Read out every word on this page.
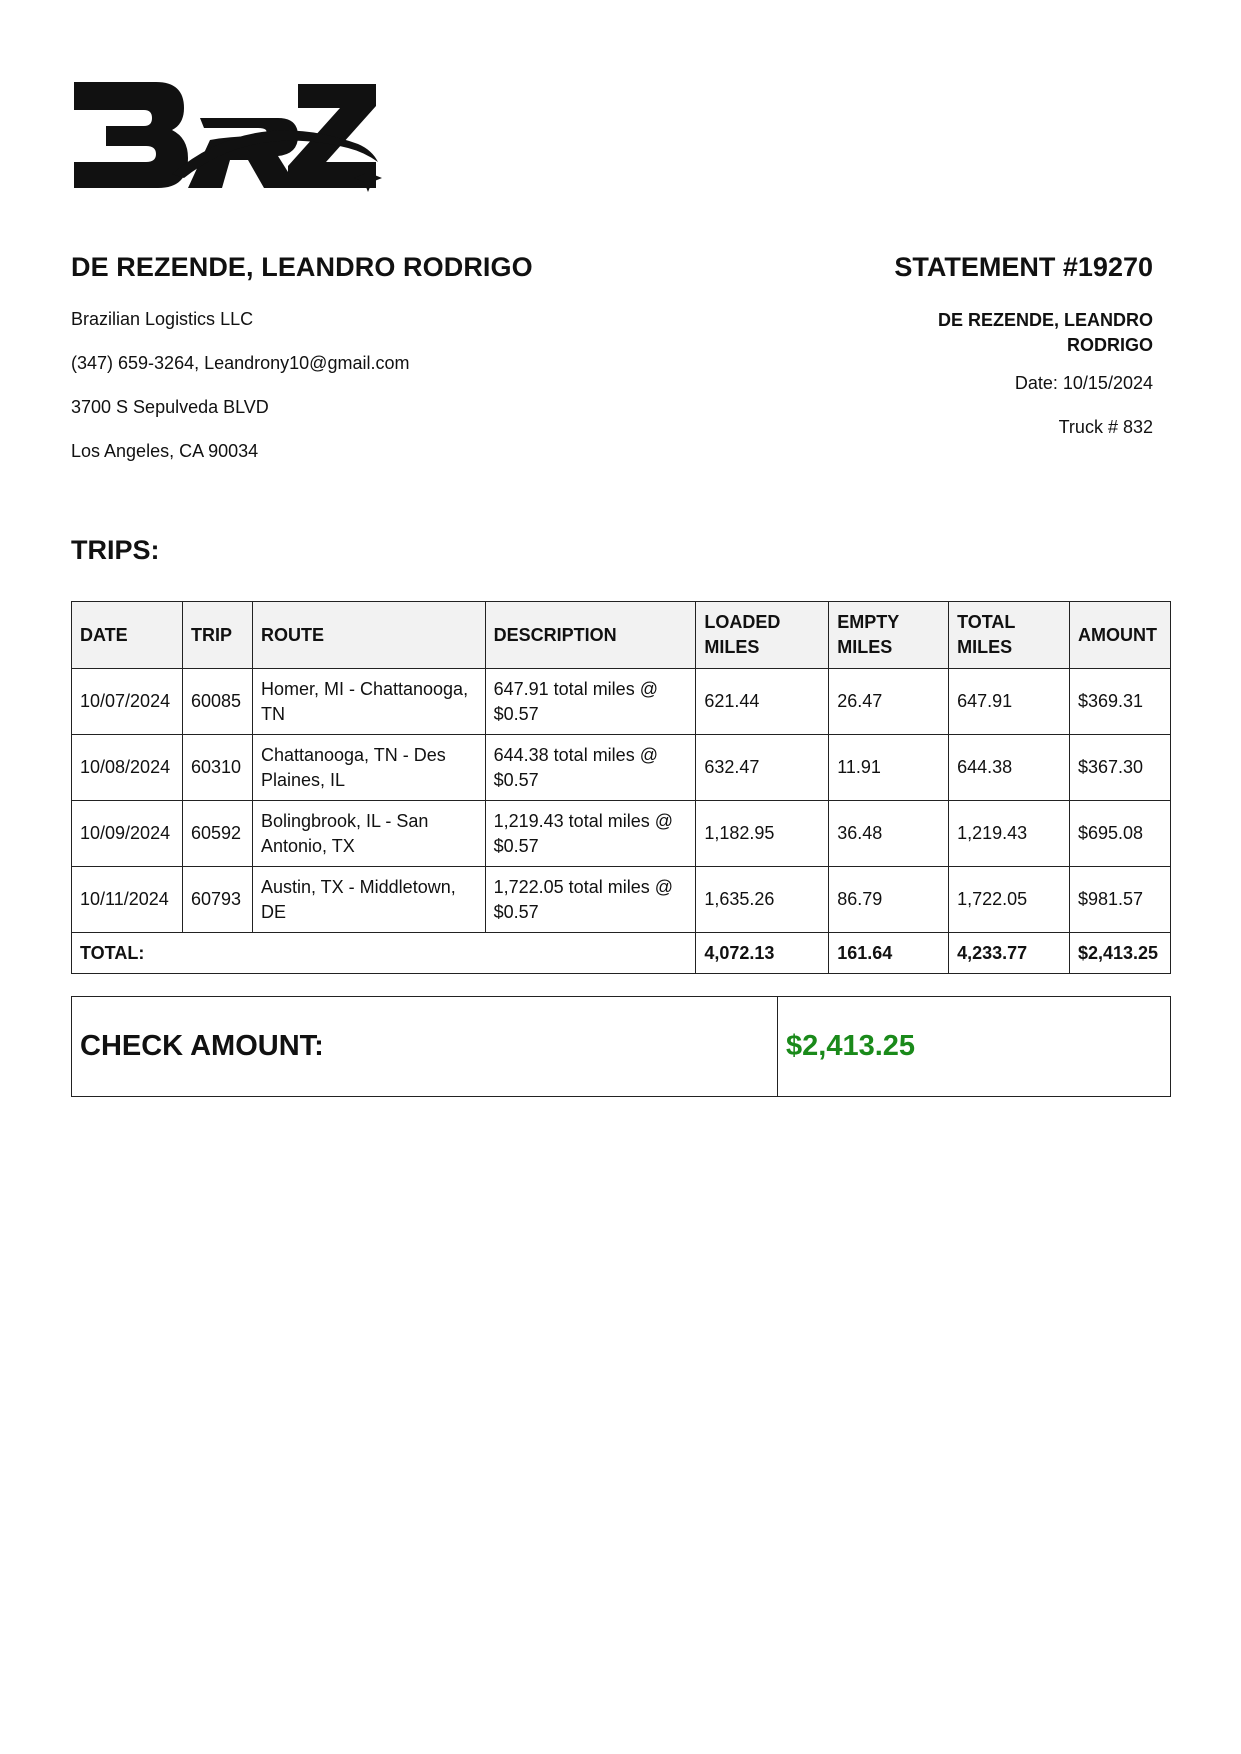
DE REZENDE, LEANDRO RODRIGO
Brazilian Logistics LLC
(347) 659-3264, Leandrony10@gmail.com
3700 S Sepulveda BLVD
Los Angeles, CA 90034
STATEMENT #19270
DE REZENDE, LEANDRO RODRIGO
Date: 10/15/2024
Truck # 832
TRIPS:
DATE	TRIP	ROUTE	DESCRIPTION	LOADED MILES	EMPTY MILES	TOTAL MILES	AMOUNT
10/07/2024	60085	Homer, MI - Chattanooga, TN	647.91 total miles @ $0.57	621.44	26.47	647.91	$369.31
10/08/2024	60310	Chattanooga, TN - Des Plaines, IL	644.38 total miles @ $0.57	632.47	11.91	644.38	$367.30
10/09/2024	60592	Bolingbrook, IL - San Antonio, TX	1,219.43 total miles @ $0.57	1,182.95	36.48	1,219.43	$695.08
10/11/2024	60793	Austin, TX - Middletown, DE	1,722.05 total miles @ $0.57	1,635.26	86.79	1,722.05	$981.57
TOTAL:				4,072.13	161.64	4,233.77	$2,413.25
CHECK AMOUNT:	$2,413.25
